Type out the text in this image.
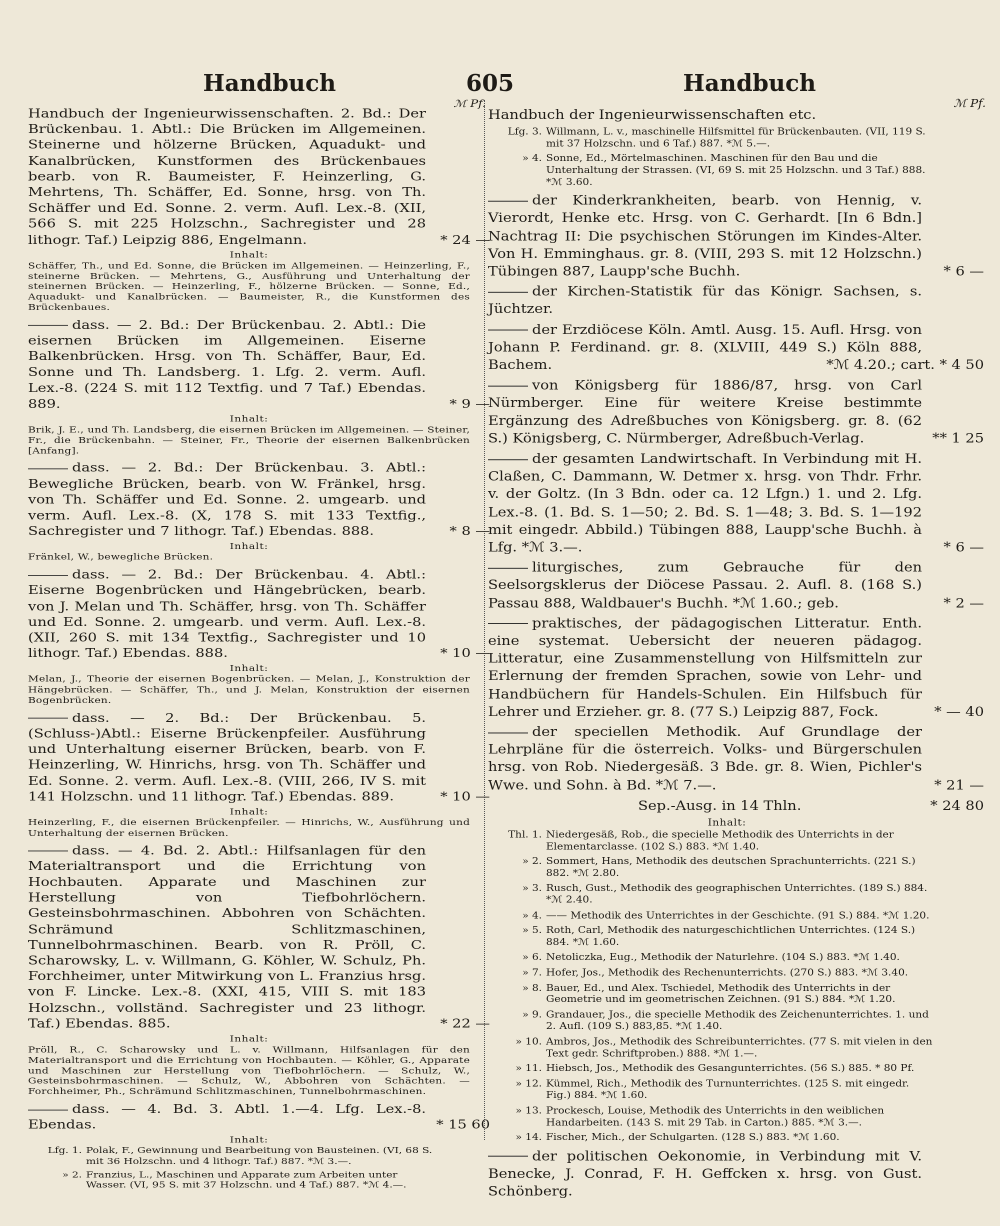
Handbuch	605	Handbuch
ℳ Pf.
Handbuch der Ingenieurwissenschaften. 2. Bd.: Der Brückenbau. 1. Abtl.: Die Brücken im Allgemeinen. Steinerne und hölzerne Brücken, Aquadukt- und Kanalbrücken, Kunstformen des Brückenbaues bearb. von R. Baumeister, F. Heinzerling, G. Mehrtens, Th. Schäffer, Ed. Sonne, hrsg. von Th. Schäffer und Ed. Sonne. 2. verm. Aufl. Lex.-8. (XII, 566 S. mit 225 Holzschn., Sachregister und 28 lithogr. Taf.) Leipzig 886, Engelmann.	* 24 —
Inhalt:
Schäffer, Th., und Ed. Sonne, die Brücken im Allgemeinen. — Heinzerling, F., steinerne Brücken. — Mehrtens, G., Ausführung und Unterhaltung der steinernen Brücken. — Heinzerling, F., hölzerne Brücken. — Sonne, Ed., Aquadukt- und Kanalbrücken. — Baumeister, R., die Kunstformen des Brückenbaues.
dass. — 2. Bd.: Der Brückenbau. 2. Abtl.: Die eisernen Brücken im Allgemeinen. Eiserne Balkenbrücken. Hrsg. von Th. Schäffer, Baur, Ed. Sonne und Th. Landsberg. 1. Lfg. 2. verm. Aufl. Lex.-8. (224 S. mit 112 Textfig. und 7 Taf.) Ebendas. 889.	* 9 —
Inhalt:
Brik, J. E., und Th. Landsberg, die eisernen Brücken im Allgemeinen. — Steiner, Fr., die Brückenbahn. — Steiner, Fr., Theorie der eisernen Balkenbrücken [Anfang].
dass. — 2. Bd.: Der Brückenbau. 3. Abtl.: Bewegliche Brücken, bearb. von W. Fränkel, hrsg. von Th. Schäffer und Ed. Sonne. 2. umgearb. und verm. Aufl. Lex.-8. (X, 178 S. mit 133 Textfig., Sachregister und 7 lithogr. Taf.) Ebendas. 888.	* 8 —
Inhalt:
Fränkel, W., bewegliche Brücken.
dass. — 2. Bd.: Der Brückenbau. 4. Abtl.: Eiserne Bogenbrücken und Hängebrücken, bearb. von J. Melan und Th. Schäffer, hrsg. von Th. Schäffer und Ed. Sonne. 2. umgearb. und verm. Aufl. Lex.-8. (XII, 260 S. mit 134 Textfig., Sachregister und 10 lithogr. Taf.) Ebendas. 888.	* 10 —
Inhalt:
Melan, J., Theorie der eisernen Bogenbrücken. — Melan, J., Konstruktion der Hängebrücken. — Schäffer, Th., und J. Melan, Konstruktion der eisernen Bogenbrücken.
dass. — 2. Bd.: Der Brückenbau. 5. (Schluss-)Abtl.: Eiserne Brückenpfeiler. Ausführung und Unterhaltung eiserner Brücken, bearb. von F. Heinzerling, W. Hinrichs, hrsg. von Th. Schäffer und Ed. Sonne. 2. verm. Aufl. Lex.-8. (VIII, 266, IV S. mit 141 Holzschn. und 11 lithogr. Taf.) Ebendas. 889.	* 10 —
Inhalt:
Heinzerling, F., die eisernen Brückenpfeiler. — Hinrichs, W., Ausführung und Unterhaltung der eisernen Brücken.
dass. — 4. Bd. 2. Abtl.: Hilfsanlagen für den Materialtransport und die Errichtung von Hochbauten. Apparate und Maschinen zur Herstellung von Tiefbohrlöchern. Gesteinsbohrmaschinen. Abbohren von Schächten. Schrämund Schlitzmaschinen, Tunnelbohrmaschinen. Bearb. von R. Pröll, C. Scharowsky, L. v. Willmann, G. Köhler, W. Schulz, Ph. Forchheimer, unter Mitwirkung von L. Franzius hrsg. von F. Lincke. Lex.-8. (XXI, 415, VIII S. mit 183 Holzschn., vollständ. Sachregister und 23 lithogr. Taf.) Ebendas. 885.	* 22 —
Inhalt:
Pröll, R., C. Scharowsky und L. v. Willmann, Hilfsanlagen für den Materialtransport und die Errichtung von Hochbauten. — Köhler, G., Apparate und Maschinen zur Herstellung von Tiefbohrlöchern. — Schulz, W., Gesteinsbohrmaschinen. — Schulz, W., Abbohren von Schächten. — Forchheimer, Ph., Schrämund Schlitzmaschinen, Tunnelbohrmaschinen.
dass. — 4. Bd. 3. Abtl. 1.—4. Lfg. Lex.-8. Ebendas.	* 15 60
Inhalt:
Lfg. 1. Polak, F., Gewinnung und Bearbeitung von Bausteinen. (VI, 68 S. mit 36 Holzschn. und 4 lithogr. Taf.) 887. *ℳ 3.—.
» 2. Franzius, L., Maschinen und Apparate zum Arbeiten unter Wasser. (VI, 95 S. mit 37 Holzschn. und 4 Taf.) 887. *ℳ 4.—.
ℳ Pf.
Handbuch der Ingenieurwissenschaften etc.
Lfg. 3. Willmann, L. v., maschinelle Hilfsmittel für Brückenbauten. (VII, 119 S. mit 37 Holzschn. und 6 Taf.) 887. *ℳ 5.—.
» 4. Sonne, Ed., Mörtelmaschinen. Maschinen für den Bau und die Unterhaltung der Strassen. (VI, 69 S. mit 25 Holzschn. und 3 Taf.) 888. *ℳ 3.60.
der Kinderkrankheiten, bearb. von Hennig, v. Vierordt, Henke etc. Hrsg. von C. Gerhardt. [In 6 Bdn.] Nachtrag II: Die psychischen Störungen im Kindes-Alter. Von H. Emminghaus. gr. 8. (VIII, 293 S. mit 12 Holzschn.) Tübingen 887, Laupp'sche Buchh.	* 6 —
der Kirchen-Statistik für das Königr. Sachsen, s. Jüchtzer.
der Erzdiöcese Köln. Amtl. Ausg. 15. Aufl. Hrsg. von Johann P. Ferdinand. gr. 8. (XLVIII, 449 S.) Köln 888, Bachem.	*ℳ 4.20.; cart. * 4 50
von Königsberg für 1886/87, hrsg. von Carl Nürmberger. Eine für weitere Kreise bestimmte Ergänzung des Adreßbuches von Königsberg. gr. 8. (62 S.) Königsberg, C. Nürmberger, Adreßbuch-Verlag.	** 1 25
der gesamten Landwirtschaft. In Verbindung mit H. Claßen, C. Dammann, W. Detmer x. hrsg. von Thdr. Frhr. v. der Goltz. (In 3 Bdn. oder ca. 12 Lfgn.) 1. und 2. Lfg. Lex.-8. (1. Bd. S. 1—50; 2. Bd. S. 1—48; 3. Bd. S. 1—192 mit eingedr. Abbild.) Tübingen 888, Laupp'sche Buchh. à Lfg. *ℳ 3.—.	* 6 —
liturgisches, zum Gebrauche für den Seelsorgsklerus der Diöcese Passau. 2. Aufl. 8. (168 S.) Passau 888, Waldbauer's Buchh. *ℳ 1.60.; geb.	* 2 —
praktisches, der pädagogischen Litteratur. Enth. eine systemat. Uebersicht der neueren pädagog. Litteratur, eine Zusammenstellung von Hilfsmitteln zur Erlernung der fremden Sprachen, sowie von Lehr- und Handbüchern für Handels-Schulen. Ein Hilfsbuch für Lehrer und Erzieher. gr. 8. (77 S.) Leipzig 887, Fock.	* — 40
der speciellen Methodik. Auf Grundlage der Lehrpläne für die österreich. Volks- und Bürgerschulen hrsg. von Rob. Niedergesäß. 3 Bde. gr. 8. Wien, Pichler's Wwe. und Sohn. à Bd. *ℳ 7.—.	* 21 —
Sep.-Ausg. in 14 Thln.	* 24 80
Inhalt:
Thl. 1. Niedergesäß, Rob., die specielle Methodik des Unterrichts in der Elementarclasse. (102 S.) 883. *ℳ 1.40.
» 2. Sommert, Hans, Methodik des deutschen Sprachunterrichts. (221 S.) 882. *ℳ 2.80.
» 3. Rusch, Gust., Methodik des geographischen Unterrichtes. (189 S.) 884. *ℳ 2.40.
» 4. —— Methodik des Unterrichtes in der Geschichte. (91 S.) 884. *ℳ 1.20.
» 5. Roth, Carl, Methodik des naturgeschichtlichen Unterrichtes. (124 S.) 884. *ℳ 1.60.
» 6. Netoliczka, Eug., Methodik der Naturlehre. (104 S.) 883. *ℳ 1.40.
» 7. Hofer, Jos., Methodik des Rechenunterrichts. (270 S.) 883. *ℳ 3.40.
» 8. Bauer, Ed., und Alex. Tschiedel, Methodik des Unterrichts in der Geometrie und im geometrischen Zeichnen. (91 S.) 884. *ℳ 1.20.
» 9. Grandauer, Jos., die specielle Methodik des Zeichenunterrichtes. 1. und 2. Aufl. (109 S.) 883,85. *ℳ 1.40.
» 10. Ambros, Jos., Methodik des Schreibunterrichtes. (77 S. mit vielen in den Text gedr. Schriftproben.) 888. *ℳ 1.—.
» 11. Hiebsch, Jos., Methodik des Gesangunterrichtes. (56 S.) 885. * 80 Pf.
» 12. Kümmel, Rich., Methodik des Turnunterrichtes. (125 S. mit eingedr. Fig.) 884. *ℳ 1.60.
» 13. Prockesch, Louise, Methodik des Unterrichts in den weiblichen Handarbeiten. (143 S. mit 29 Tab. in Carton.) 885. *ℳ 3.—.
» 14. Fischer, Mich., der Schulgarten. (128 S.) 883. *ℳ 1.60.
der politischen Oekonomie, in Verbindung mit V. Benecke, J. Conrad, F. H. Geffcken x. hrsg. von Gust. Schönberg.
